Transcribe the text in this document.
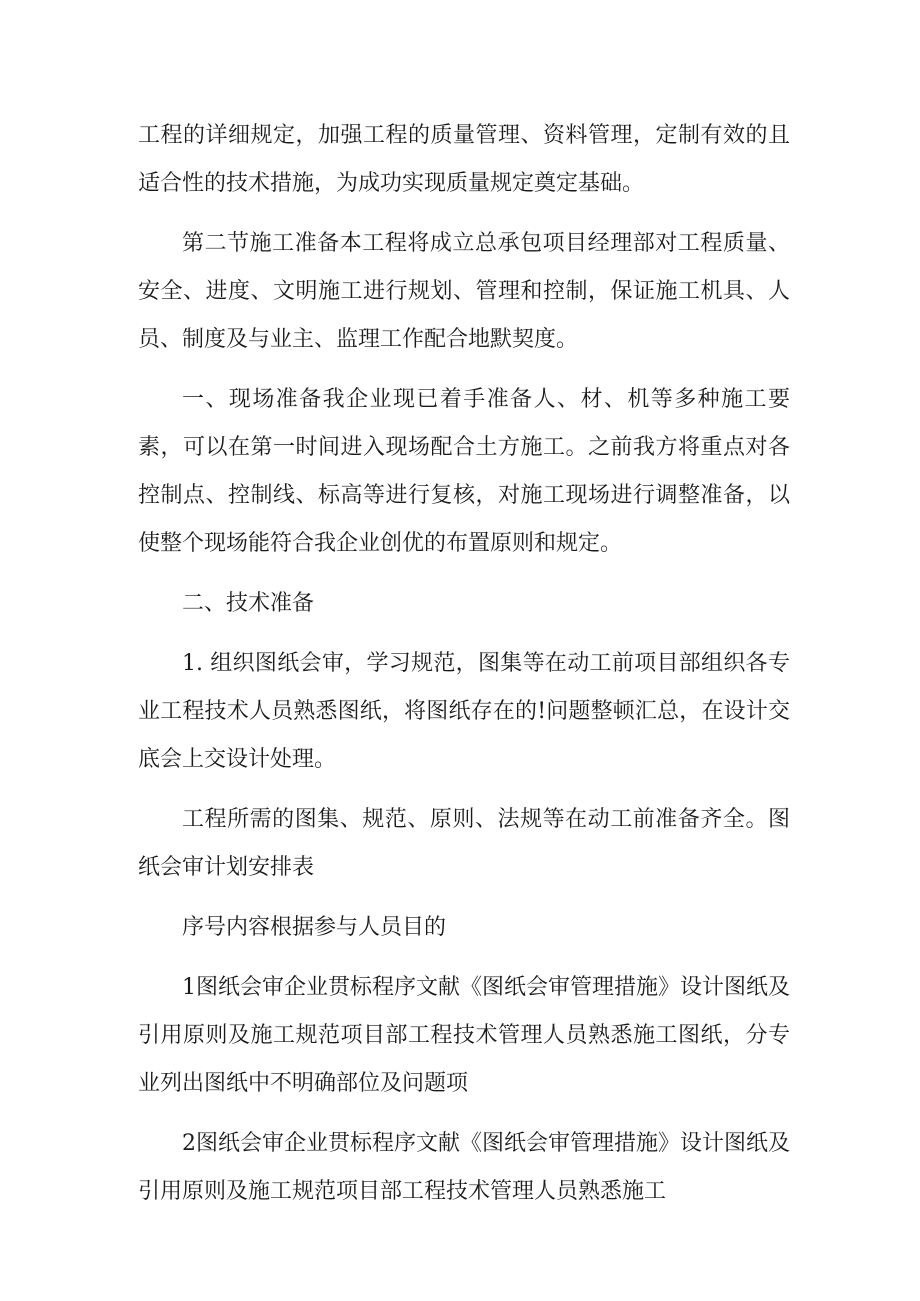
工程的详细规定，加强工程的质量管理、资料管理，定制有效的且适合性的技术措施，为成功实现质量规定奠定基础。

第二节施工准备本工程将成立总承包项目经理部对工程质量、安全、进度、文明施工进行规划、管理和控制，保证施工机具、人员、制度及与业主、监理工作配合地默契度。

一、现场准备我企业现已着手准备人、材、机等多种施工要素，可以在第一时间进入现场配合土方施工。之前我方将重点对各控制点、控制线、标高等进行复核，对施工现场进行调整准备，以使整个现场能符合我企业创优的布置原则和规定。

二、技术准备

1. 组织图纸会审，学习规范，图集等在动工前项目部组织各专业工程技术人员熟悉图纸，将图纸存在的!问题整顿汇总，在设计交底会上交设计处理。

工程所需的图集、规范、原则、法规等在动工前准备齐全。图纸会审计划安排表

序号内容根据参与人员目的

1图纸会审企业贯标程序文献《图纸会审管理措施》设计图纸及引用原则及施工规范项目部工程技术管理人员熟悉施工图纸，分专业列出图纸中不明确部位及问题项

2图纸会审企业贯标程序文献《图纸会审管理措施》设计图纸及引用原则及施工规范项目部工程技术管理人员熟悉施工
